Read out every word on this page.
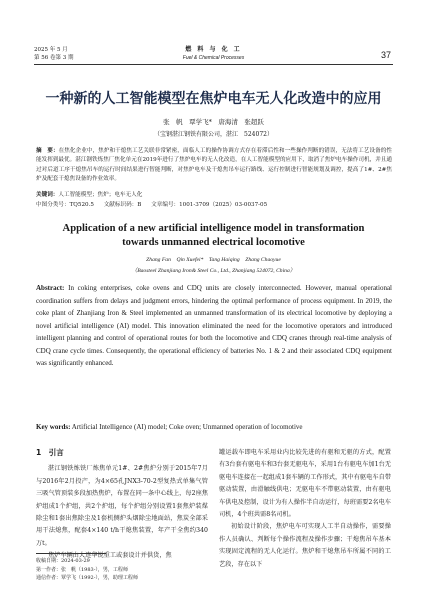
2025 年 5 月
第 56 卷第 3 期
燃 料 与 化 工
Fuel & Chemical Processes	37
一种新的人工智能模型在焦炉电车无人化改造中的应用
张　帆　覃学飞*　唐海清　张超跃
（宝钢湛江钢铁有限公司，湛江　524072）
摘　要：在焦化企业中，焦炉和干熄焦工艺关联非常紧密，面临人工的操作协调方式存在着滞后性和一些操作判断的错误，无法将工艺设备的性能发挥到最优。湛江钢铁炼焦厂焦化单元在2019年进行了焦炉电车的无人化改造，在人工智能模型的应用下，取消了焦炉电车操作司机，并且通过对后道工序干熄焦吊车的运行时间结果进行智能判断，对焦炉电车及干熄焦吊车运行路线、运行控制进行智能规划及调控，提高了1#、2#焦炉及配套干熄焦设备的作业效率。
关键词：人工智能模型；焦炉；电车无人化
中图分类号：TQ520.5 文献标识码：B 文章编号：1001-3709（2025）03-0037-05
Application of a new artificial intelligence model in transformation
towards unmanned electrical locomotive
Zhang Fan　Qin Xuefei*　Tang Haiqing　Zhang Chaoyue
（Baosteel Zhanjiang Iron& Steel Co., Ltd., Zhanjiang 524072, China）
Abstract: In coking enterprises, coke ovens and CDQ units are closely interconnected. However, manual operational coordination suffers from delays and judgment errors, hindering the optimal performance of process equipment. In 2019, the coke plant of Zhanjiang Iron & Steel implemented an unmanned transformation of its electrical locomotive by deploying a novel artificial intelligence (AI) model. This innovation eliminated the need for the locomotive operators and introduced intelligent planning and control of operational routes for both the locomotive and CDQ cranes through real-time analysis of CDQ crane cycle times. Consequently, the operational efficiency of batteries No. 1 & 2 and their associated CDQ equipment was significantly enhanced.
Key words: Artificial Intelligence (AI) model; Coke oven; Unmanned operation of locomotive
1　引言

湛江钢铁炼铁厂炼焦单元1#、2#焦炉分别于2015年7月与2016年2月投产，为4×65孔JNX3-70-2型复热式单集气管三吸气管顶装多段加热焦炉，布置在同一条中心线上，每2座焦炉组成1个炉组，共2个炉组，每个炉组分别设置1套焦炉装煤除尘和1套出焦除尘及1套机侧炉头烟除尘地面站，焦炭全部采用干法熄焦，配套4×140 t/h干熄焦装置，年产干全焦约340万t。

焦炉车辆由大连华锐重工或套设计并供货，焦

罐运载车即电车采用业内比较先进的有驱和无驱的方式，配置有3台套有驱电车和3台套无驱电车，采用1台有驱电车加1台无驱电车连接在一起组成1套车辆的工作形式，其中有驱电车自带驱动装置，由滑触线供电；无驱电车不带驱动装置，由有驱电车供电及控制，设计为有人操作半自动运行，每班需要2名电车司机，4个班共需8名司机。

初始设计阶段，焦炉电车可实现人工半自动操作，需要操作人员确认、判断每个操作流程及操作步骤；干熄焦吊车基本实现固定流程的无人化运行。焦炉和干熄焦吊车所属不同的工艺段，存在以下

收稿日期：2024-03-29
第一作者：张　帆（1983-），男，工程师
通信作者：覃学飞（1992-），男，助理工程师
